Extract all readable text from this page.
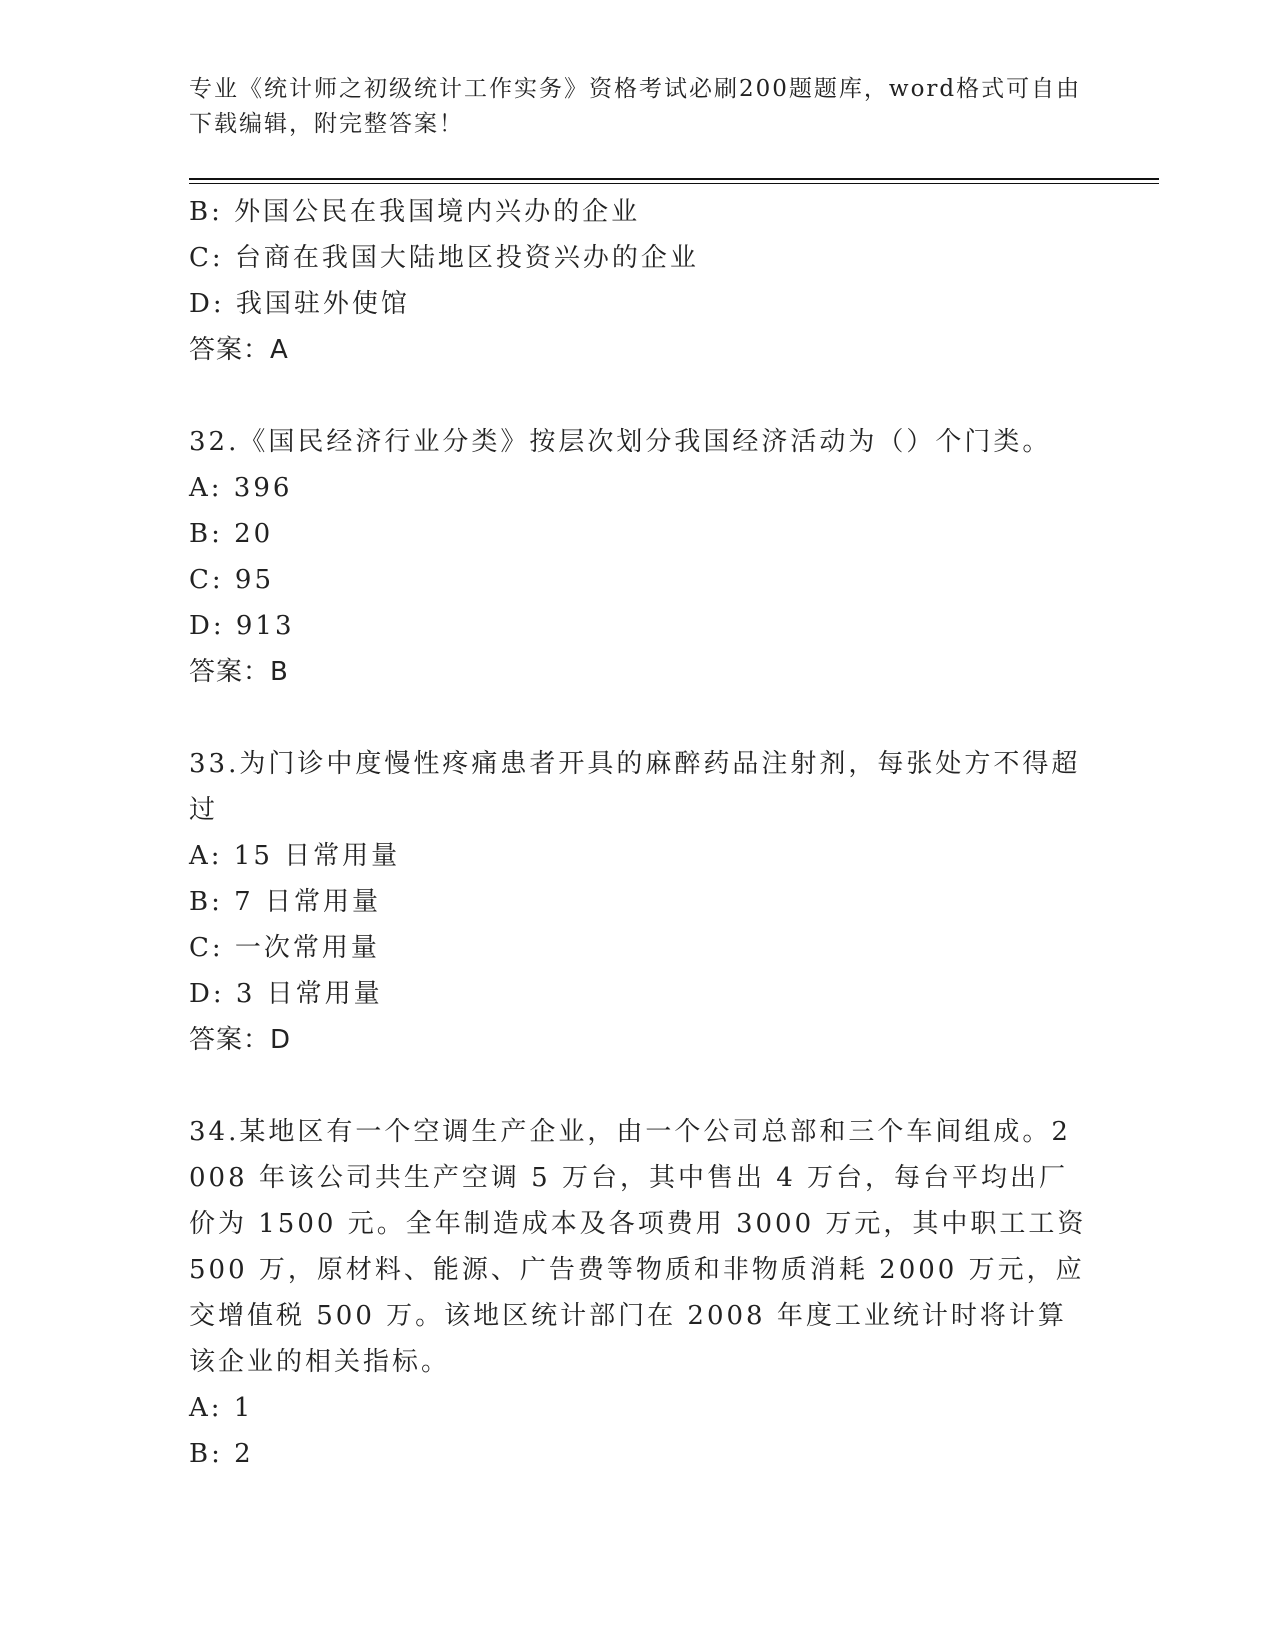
专业《统计师之初级统计工作实务》资格考试必刷200题题库，word格式可自由下载编辑，附完整答案！
B: 外国公民在我国境内兴办的企业
C: 台商在我国大陆地区投资兴办的企业
D: 我国驻外使馆
答案：A
32.《国民经济行业分类》按层次划分我国经济活动为（）个门类。
A: 396
B: 20
C: 95
D: 913
答案：B
33.为门诊中度慢性疼痛患者开具的麻醉药品注射剂，每张处方不得超过
A: 15 日常用量
B: 7 日常用量
C: 一次常用量
D: 3 日常用量
答案：D
34.某地区有一个空调生产企业，由一个公司总部和三个车间组成。2008 年该公司共生产空调 5 万台，其中售出 4 万台，每台平均出厂价为 1500 元。全年制造成本及各项费用 3000 万元，其中职工工资 500 万，原材料、能源、广告费等物质和非物质消耗 2000 万元，应交增值税 500 万。该地区统计部门在 2008 年度工业统计时将计算该企业的相关指标。
A: 1
B: 2
